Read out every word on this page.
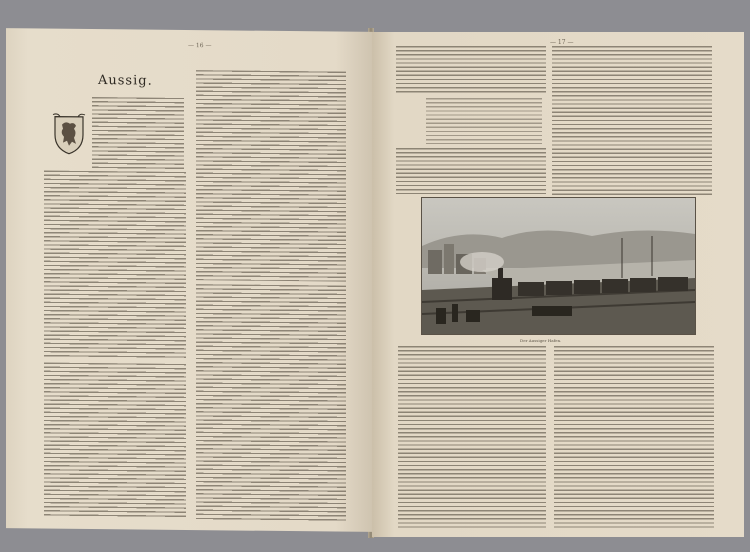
— 16 —
Aussig.
— 17 —
Der Aussiger Hafen.
